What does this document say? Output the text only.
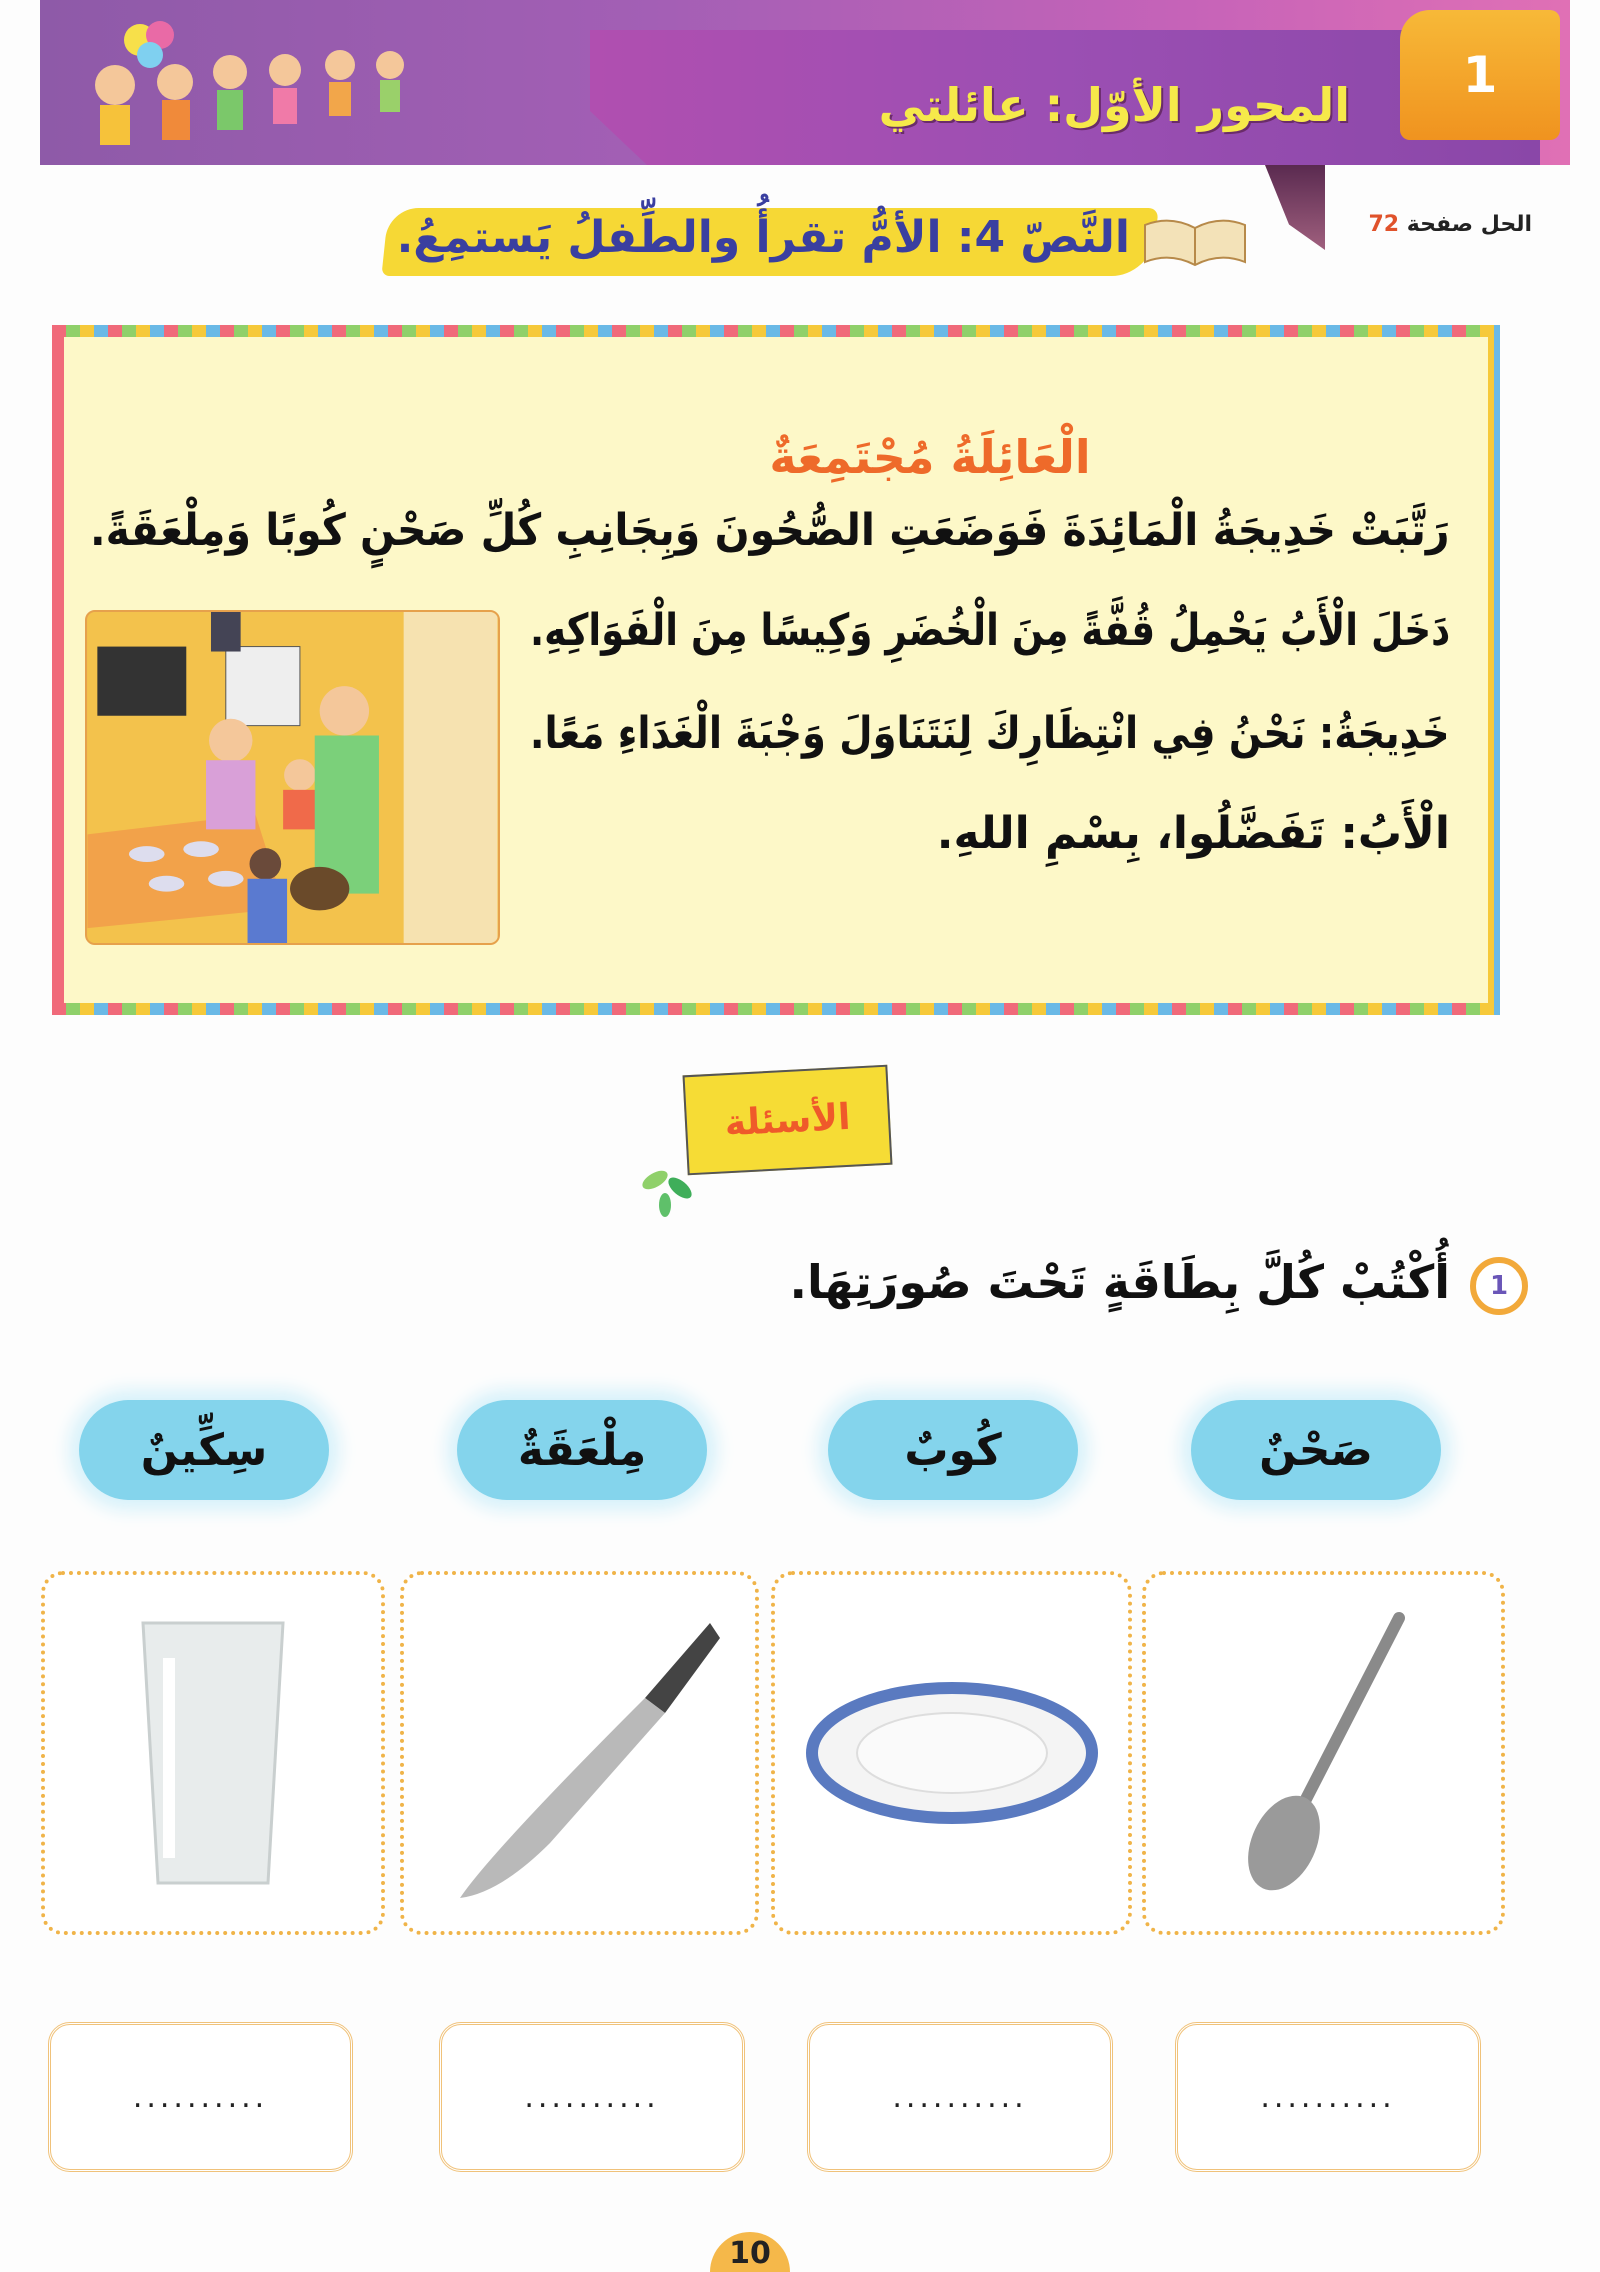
1
المحور الأوّل: عائلتي
الحل صفحة 72
النَّصّ 4: الأمُّ تقرأُ والطِّفلُ يَستمِعُ.
الْعَائِلَةُ مُجْتَمِعَةٌ
رَتَّبَتْ خَدِيجَةُ الْمَائِدَةَ فَوَضَعَتِ الصُّحُونَ وَبِجَانِبِ كُلِّ صَحْنٍ كُوبًا وَمِلْعَقَةً.
دَخَلَ الْأَبُ يَحْمِلُ قُفَّةً مِنَ الْخُضَرِ وَكِيسًا مِنَ الْفَوَاكِهِ.
خَدِيجَةُ: نَحْنُ فِي انْتِظَارِكَ لِنَتَنَاوَلَ وَجْبَةَ الْغَدَاءِ مَعًا.
الْأَبُ: تَفَضَّلُوا، بِسْمِ اللهِ.
الأسئلة
1
أُكْتُبْ كُلَّ بِطَاقَةٍ تَحْتَ صُورَتِهَا.
صَحْنٌ
كُوبٌ
مِلْعَقَةٌ
سِكِّينٌ
..........
..........
..........
..........
10
